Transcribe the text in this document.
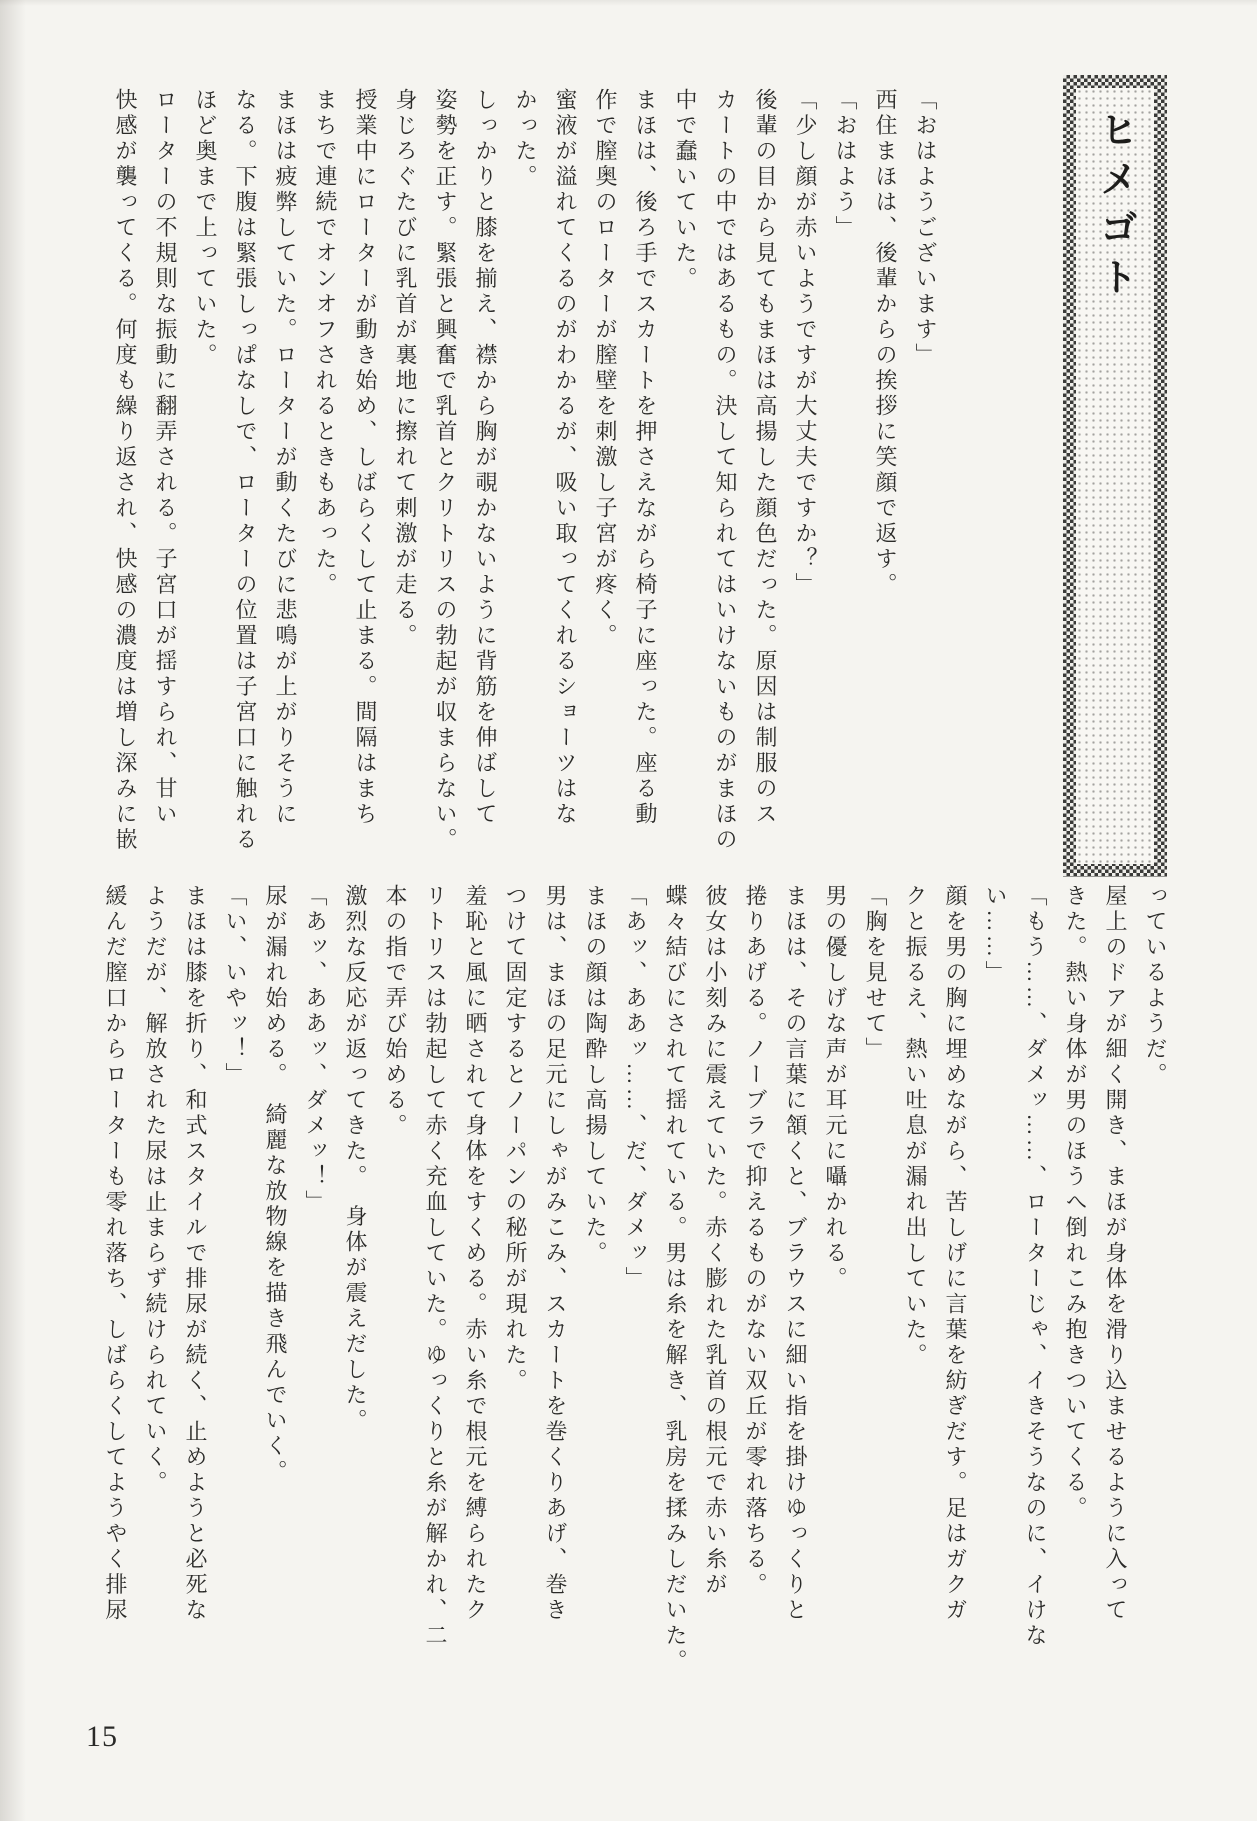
ヒメゴト
「おはようございます」
西住まほは、後輩からの挨拶に笑顔で返す。
「おはよう」
「少し顔が赤いようですが大丈夫ですか？」
後輩の目から見てもまほは高揚した顔色だった。原因は制服のス
カートの中ではあるもの。決して知られてはいけないものがまほの
中で蠢いていた。
まほは、後ろ手でスカートを押さえながら椅子に座った。座る動
作で膣奥のローターが膣壁を刺激し子宮が疼く。
蜜液が溢れてくるのがわかるが、吸い取ってくれるショーツはな
かった。
しっかりと膝を揃え、襟から胸が覗かないように背筋を伸ばして
姿勢を正す。緊張と興奮で乳首とクリトリスの勃起が収まらない。
身じろぐたびに乳首が裏地に擦れて刺激が走る。
授業中にローターが動き始め、しばらくして止まる。間隔はまち
まちで連続でオンオフされるときもあった。
まほは疲弊していた。ローターが動くたびに悲鳴が上がりそうに
なる。下腹は緊張しっぱなしで、ローターの位置は子宮口に触れる
ほど奥まで上っていた。
ローターの不規則な振動に翻弄される。子宮口が揺すられ、甘い
快感が襲ってくる。何度も繰り返され、快感の濃度は増し深みに嵌
っているようだ。
屋上のドアが細く開き、まほが身体を滑り込ませるように入って
きた。熱い身体が男のほうへ倒れこみ抱きついてくる。
「もう……、ダメッ……、ローターじゃ、イきそうなのに、イけな
い……」
顔を男の胸に埋めながら、苦しげに言葉を紡ぎだす。足はガクガ
クと振るえ、熱い吐息が漏れ出していた。
「胸を見せて」
男の優しげな声が耳元に囁かれる。
まほは、その言葉に頷くと、ブラウスに細い指を掛けゆっくりと
捲りあげる。ノーブラで抑えるものがない双丘が零れ落ちる。
彼女は小刻みに震えていた。赤く膨れた乳首の根元で赤い糸が
蝶々結びにされて揺れている。男は糸を解き、乳房を揉みしだいた。
「あッ、ああッ……、だ、ダメッ」
まほの顔は陶酔し高揚していた。
男は、まほの足元にしゃがみこみ、スカートを巻くりあげ、巻き
つけて固定するとノーパンの秘所が現れた。
羞恥と風に晒されて身体をすくめる。赤い糸で根元を縛られたク
リトリスは勃起して赤く充血していた。ゆっくりと糸が解かれ、二
本の指で弄び始める。
激烈な反応が返ってきた。　身体が震えだした。
「あッ、ああッ、ダメッ！」
尿が漏れ始める。　綺麗な放物線を描き飛んでいく。
「い、いやッ！」
まほは膝を折り、和式スタイルで排尿が続く、止めようと必死な
ようだが、解放された尿は止まらず続けられていく。
緩んだ膣口からローターも零れ落ち、しばらくしてようやく排尿
15
